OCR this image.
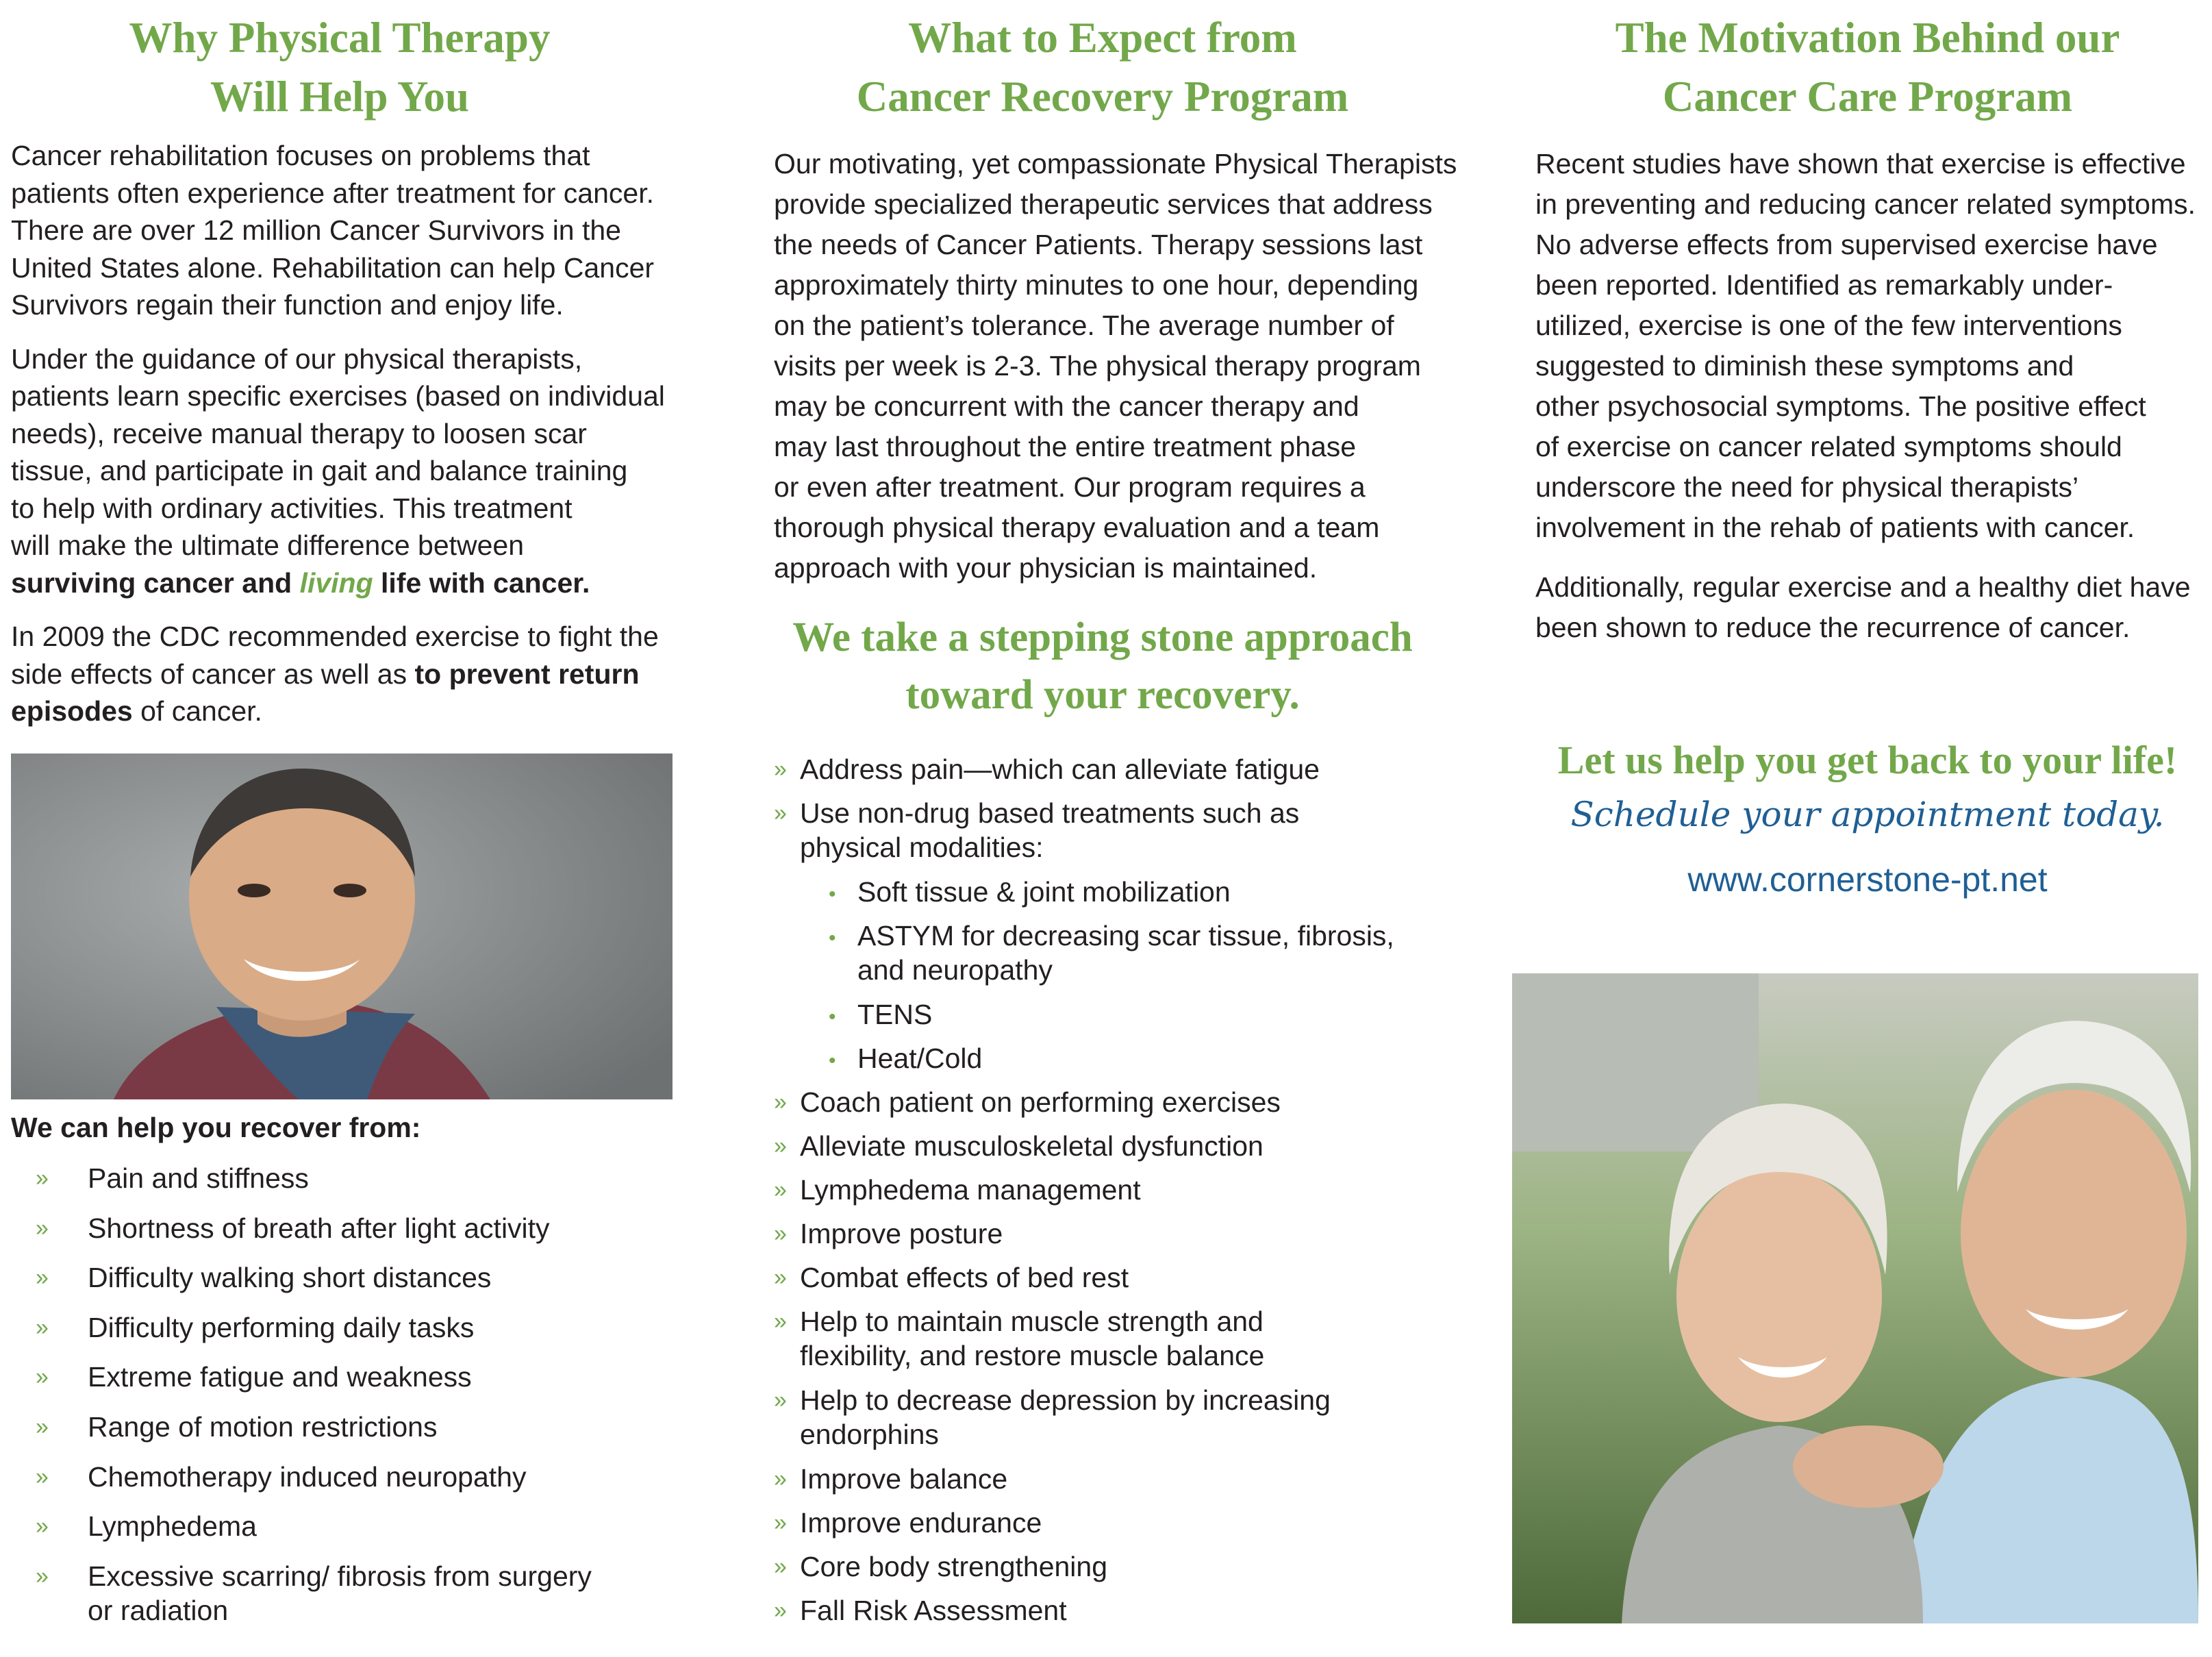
Why Physical Therapy
Will Help You

Cancer rehabilitation focuses on problems that
patients often experience after treatment for cancer.
There are over 12 million Cancer Survivors in the
United States alone. Rehabilitation can help Cancer
Survivors regain their function and enjoy life.

Under the guidance of our physical therapists,
patients learn specific exercises (based on individual
needs), receive manual therapy to loosen scar
tissue, and participate in gait and balance training
to help with ordinary activities. This treatment
will make the ultimate difference between
surviving cancer and living life with cancer.

In 2009 the CDC recommended exercise to fight the
side effects of cancer as well as to prevent return
episodes of cancer.

We can help you recover from:
» Pain and stiffness
» Shortness of breath after light activity
» Difficulty walking short distances
» Difficulty performing daily tasks
» Extreme fatigue and weakness
» Range of motion restrictions
» Chemotherapy induced neuropathy
» Lymphedema
» Excessive scarring/ fibrosis from surgery
or radiation
What to Expect from
Cancer Recovery Program

Our motivating, yet compassionate Physical Therapists
provide specialized therapeutic services that address
the needs of Cancer Patients. Therapy sessions last
approximately thirty minutes to one hour, depending
on the patient’s tolerance. The average number of
visits per week is 2-3. The physical therapy program
may be concurrent with the cancer therapy and
may last throughout the entire treatment phase
or even after treatment. Our program requires a
thorough physical therapy evaluation and a team
approach with your physician is maintained.

We take a stepping stone approach
toward your recovery.
» Address pain—which can alleviate fatigue
» Use non-drug based treatments such as
physical modalities:
• Soft tissue & joint mobilization
• ASTYM for decreasing scar tissue, fibrosis,
and neuropathy
• TENS
• Heat/Cold
» Coach patient on performing exercises
» Alleviate musculoskeletal dysfunction
» Lymphedema management
» Improve posture
» Combat effects of bed rest
» Help to maintain muscle strength and
flexibility, and restore muscle balance
» Help to decrease depression by increasing
endorphins
» Improve balance
» Improve endurance
» Core body strengthening
» Fall Risk Assessment
The Motivation Behind our
Cancer Care Program

Recent studies have shown that exercise is effective
in preventing and reducing cancer related symptoms.
No adverse effects from supervised exercise have
been reported. Identified as remarkably under-
utilized, exercise is one of the few interventions
suggested to diminish these symptoms and
other psychosocial symptoms. The positive effect
of exercise on cancer related symptoms should
underscore the need for physical therapists’
involvement in the rehab of patients with cancer.

Additionally, regular exercise and a healthy diet have
been shown to reduce the recurrence of cancer.

Let us help you get back to your life!
Schedule your appointment today.
www.cornerstone-pt.net
